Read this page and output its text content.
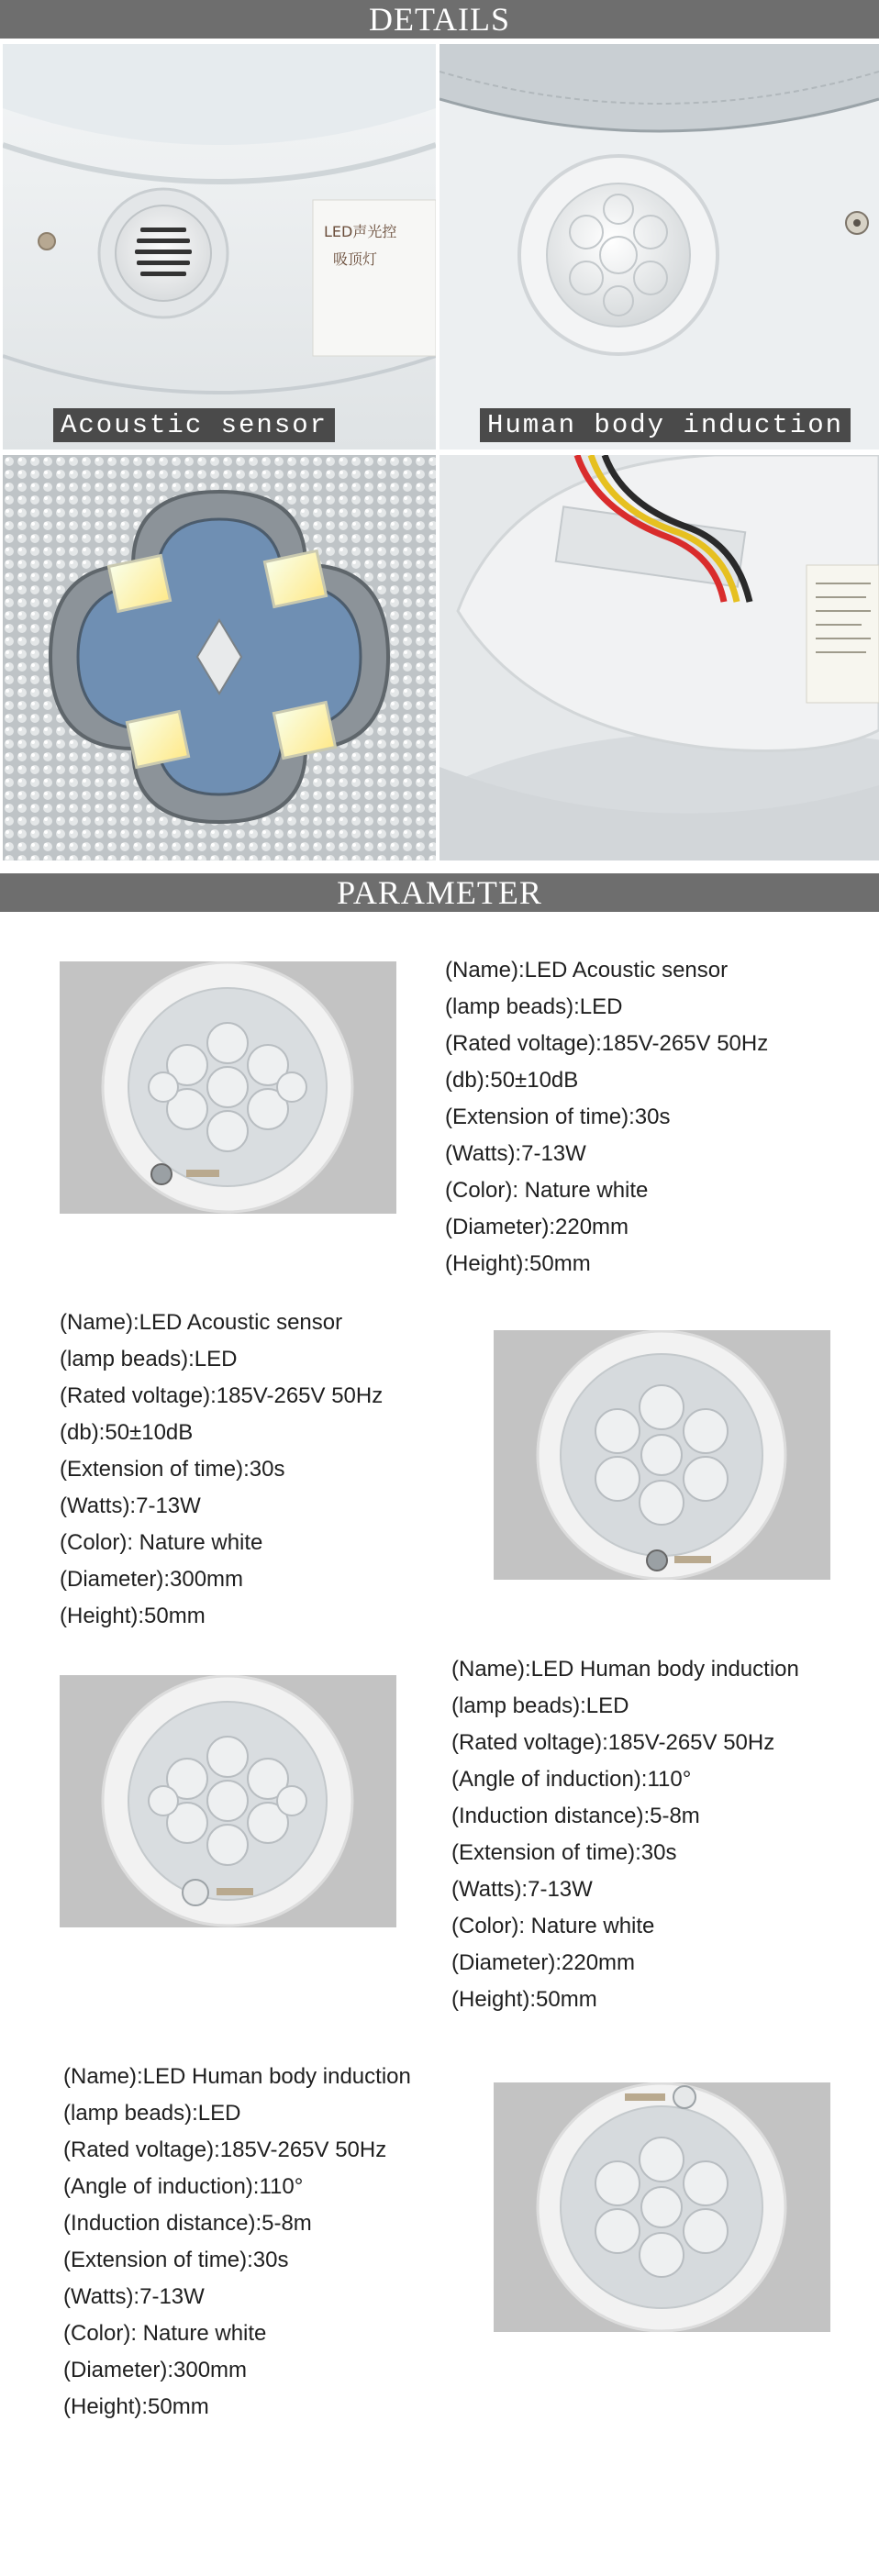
DETAILS
LED声光控
吸顶灯
Acoustic sensor	Human body induction
PARAMETER
(Name):LED Acoustic sensor
(lamp beads):LED
(Rated voltage):185V-265V 50Hz
(db):50±10dB
(Extension of time):30s
(Watts):7-13W
(Color): Nature white
(Diameter):220mm
(Height):50mm
(Name):LED Acoustic sensor
(lamp beads):LED
(Rated voltage):185V-265V 50Hz
(db):50±10dB
(Extension of time):30s
(Watts):7-13W
(Color): Nature white
(Diameter):300mm
(Height):50mm
(Name):LED Human body induction
(lamp beads):LED
(Rated voltage):185V-265V 50Hz
(Angle of induction):110°
(Induction distance):5-8m
(Extension of time):30s
(Watts):7-13W
(Color): Nature white
(Diameter):220mm
(Height):50mm
(Name):LED Human body induction
(lamp beads):LED
(Rated voltage):185V-265V 50Hz
(Angle of induction):110°
(Induction distance):5-8m
(Extension of time):30s
(Watts):7-13W
(Color): Nature white
(Diameter):300mm
(Height):50mm
